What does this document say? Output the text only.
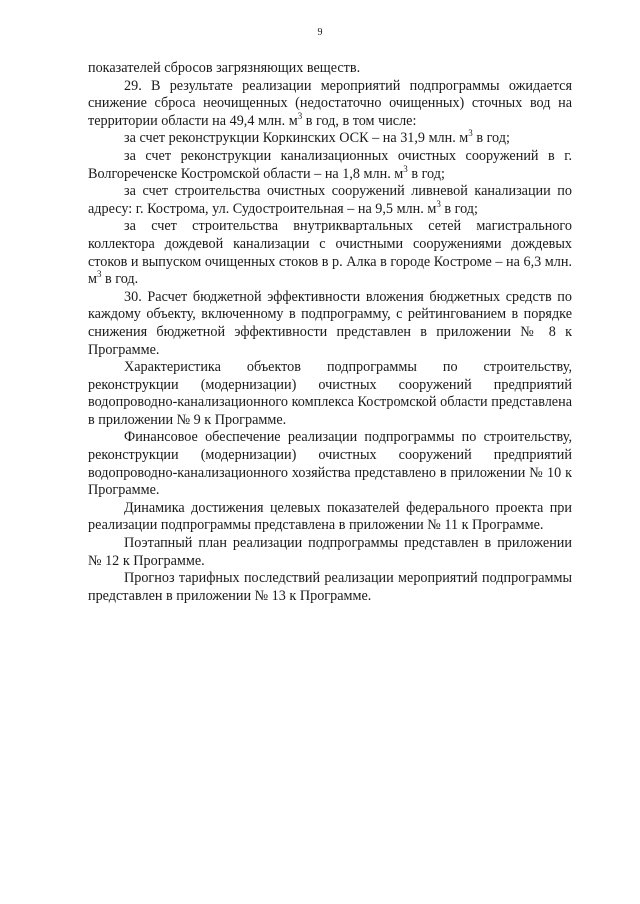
9

показателей сбросов загрязняющих веществ.

29. В результате реализации мероприятий подпрограммы ожидается снижение сброса неочищенных (недостаточно очищенных) сточных вод на территории области на 49,4 млн. $м^3$ в год, в том числе:

за счет реконструкции Коркинских ОСК – на 31,9 млн. $м^3$ в год;

за счет реконструкции канализационных очистных сооружений в г. Волгореченске Костромской области – на 1,8 млн. $м^3$ в год;

за счет строительства очистных сооружений ливневой канализации по адресу: г. Кострома, ул. Судостроительная – на 9,5 млн. $м^3$ в год;

за счет строительства внутриквартальных сетей магистрального коллектора дождевой канализации с очистными сооружениями дождевых стоков и выпуском очищенных стоков в р. Алка в городе Костроме – на 6,3 млн. $м^3$ в год.

30. Расчет бюджетной эффективности вложения бюджетных средств по каждому объекту, включенному в подпрограмму, с рейтингованием в порядке снижения бюджетной эффективности представлен в приложении № 8 к Программе.

Характеристика объектов подпрограммы по строительству, реконструкции (модернизации) очистных сооружений предприятий водопроводно-канализационного комплекса Костромской области представлена в приложении № 9 к Программе.

Финансовое обеспечение реализации подпрограммы по строительству, реконструкции (модернизации) очистных сооружений предприятий водопроводно-канализационного хозяйства представлено в приложении № 10 к Программе.

Динамика достижения целевых показателей федерального проекта при реализации подпрограммы представлена в приложении № 11 к Программе.

Поэтапный план реализации подпрограммы представлен в приложении № 12 к Программе.

Прогноз тарифных последствий реализации мероприятий подпрограммы представлен в приложении № 13 к Программе.
